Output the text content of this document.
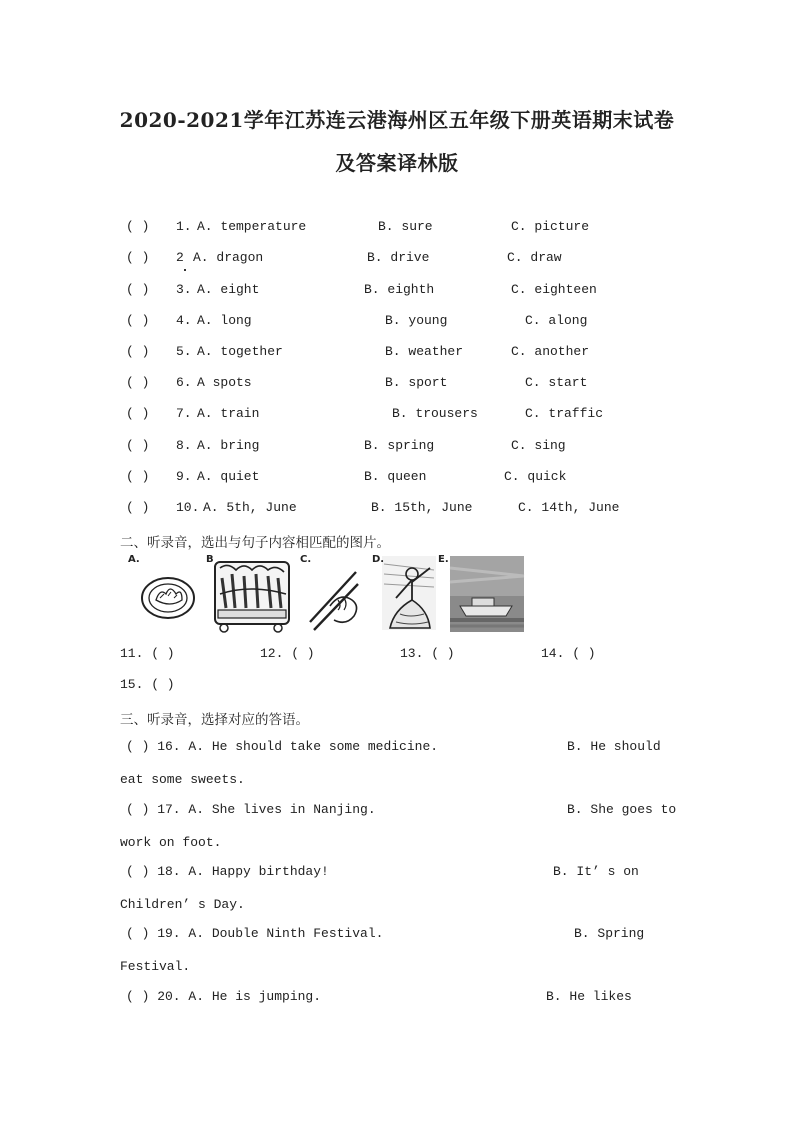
2020-2021学年江苏连云港海州区五年级下册英语期末试卷
及答案译林版
( ) 1. A. temperature	B. sure	C. picture
( ) 2 A. dragon	B. drive	C. draw
( ) 3. A. eight	B. eighth	C. eighteen
( ) 4. A. long	B. young	C. along
( ) 5. A. together	B. weather	C. another
( ) 6. A spots	B. sport	C. start
( ) 7. A. train	B. trousers	C. traffic
( ) 8. A. bring	B. spring	C. sing
( ) 9. A. quiet	B. queen	C. quick
( ) 10. A. 5th, June	B. 15th, June	C. 14th, June
二、听录音，选出与句子内容相匹配的图片。
A.	B	C.	D.	E.
11. ( )	12. ( )	13. ( )	14. ( )
15. ( )
三、听录音，选择对应的答语。
( ) 16. A. He should take some medicine.	B. He should
eat some sweets.
( ) 17. A. She lives in Nanjing.	B. She goes to
work on foot.
( ) 18. A. Happy birthday!	B. It’ s on
Children’ s Day.
( ) 19. A. Double Ninth Festival.	B. Spring
Festival.
( ) 20. A. He is jumping.	B. He likes
